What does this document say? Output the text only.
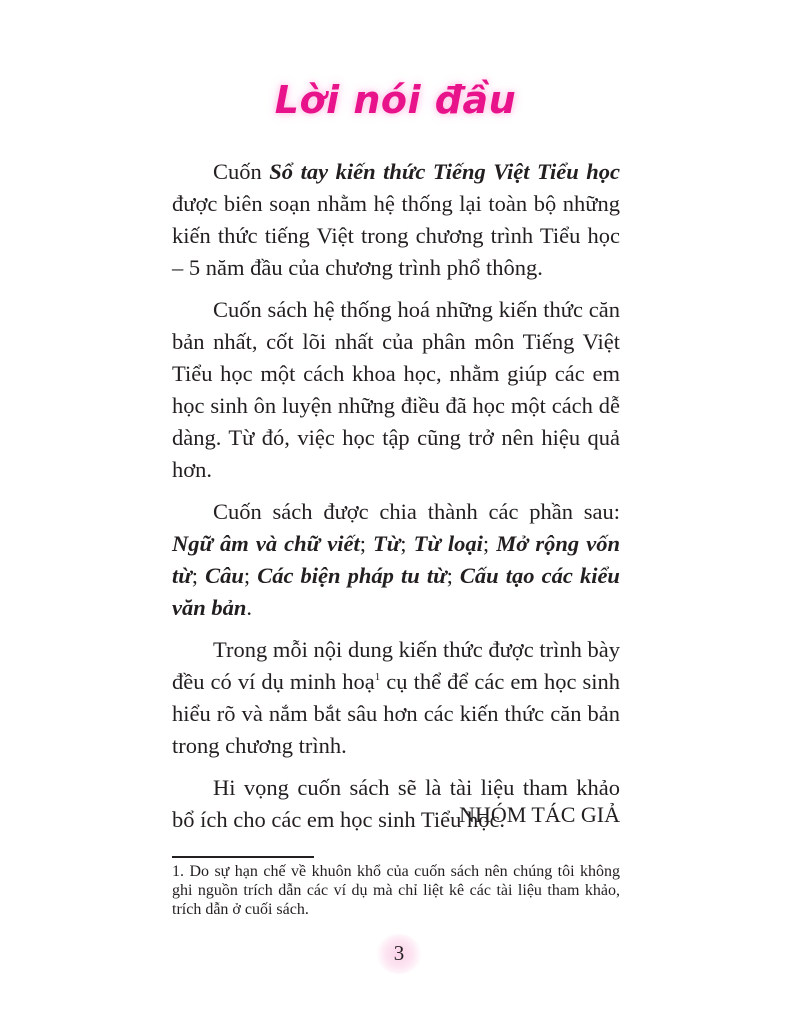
Lời nói đầu

Cuốn Sổ tay kiến thức Tiếng Việt Tiểu học được biên soạn nhằm hệ thống lại toàn bộ những kiến thức tiếng Việt trong chương trình Tiểu học – 5 năm đầu của chương trình phổ thông.

Cuốn sách hệ thống hoá những kiến thức căn bản nhất, cốt lõi nhất của phân môn Tiếng Việt Tiểu học một cách khoa học, nhằm giúp các em học sinh ôn luyện những điều đã học một cách dễ dàng. Từ đó, việc học tập cũng trở nên hiệu quả hơn.

Cuốn sách được chia thành các phần sau: Ngữ âm và chữ viết; Từ; Từ loại; Mở rộng vốn từ; Câu; Các biện pháp tu từ; Cấu tạo các kiểu văn bản.

Trong mỗi nội dung kiến thức được trình bày đều có ví dụ minh hoạ$^1$ cụ thể để các em học sinh hiểu rõ và nắm bắt sâu hơn các kiến thức căn bản trong chương trình.

Hi vọng cuốn sách sẽ là tài liệu tham khảo bổ ích cho các em học sinh Tiểu học.

NHÓM TÁC GIẢ
1. Do sự hạn chế về khuôn khổ của cuốn sách nên chúng tôi không ghi nguồn trích dẫn các ví dụ mà chỉ liệt kê các tài liệu tham khảo, trích dẫn ở cuối sách.
3
